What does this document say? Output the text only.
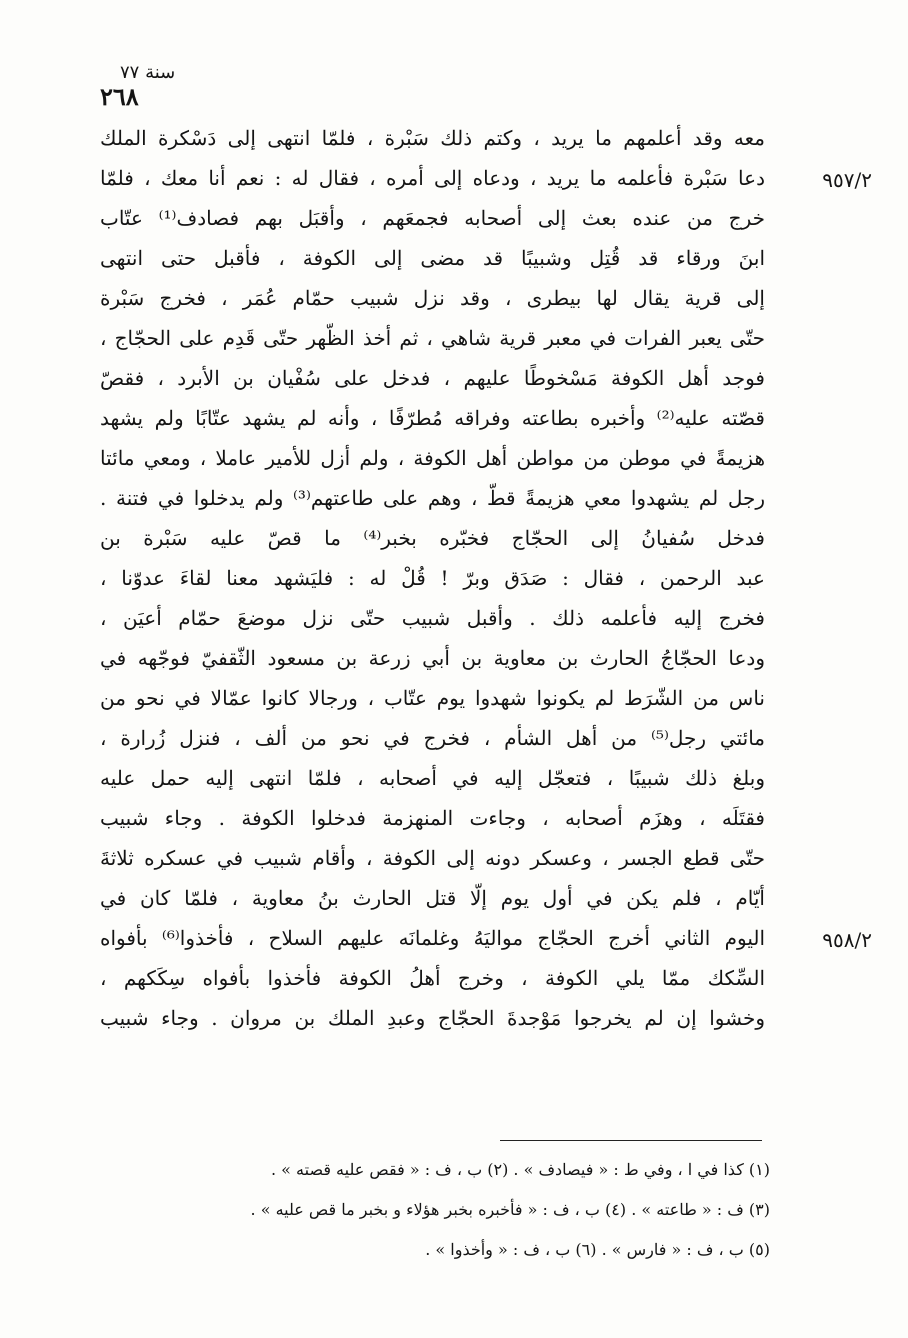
سنة ٧٧
٢٦٨
معه وقد أعلمهم ما يريد ، وكتم ذلك سَبْرة ، فلمّا انتهى إلى دَسْكرة الملك
دعا سَبْرة فأعلمه ما يريد ، ودعاه إلى أمره ، فقال له : نعم أنا معك ، فلمّا
خرج من عنده بعث إلى أصحابه فجمعَهم ، وأقبَل بهم فصادف⁽¹⁾ عتّاب
ابنَ ورقاء قد قُتِل وشبيبًا قد مضى إلى الكوفة ، فأقبل حتى انتهى
إلى قرية يقال لها بيطرى ، وقد نزل شبيب حمّام عُمَر ، فخرج سَبْرة
حتّى يعبر الفرات في معبر قرية شاهي ، ثم أخذ الظّهر حتّى قَدِم على الحجّاج ،
فوجد أهل الكوفة مَسْخوطًا عليهم ، فدخل على سُفْيان بن الأبرد ، فقصّ
قصّته عليه⁽²⁾ وأخبره بطاعته وفراقه مُطرّفًا ، وأنه لم يشهد عتّابًا ولم يشهد
هزيمةً في موطن من مواطن أهل الكوفة ، ولم أزل للأمير عاملا ، ومعي مائتا
رجل لم يشهدوا معي هزيمةً قطّ ، وهم على طاعتهم⁽³⁾ ولم يدخلوا في فتنة .
فدخل سُفيانُ إلى الحجّاج فخبّره بخبر⁽⁴⁾ ما قصّ عليه سَبْرة بن
عبد الرحمن ، فقال : صَدَق وبرّ ! قُلْ له : فليَشهد معنا لقاءَ عدوّنا ،
فخرج إليه فأعلمه ذلك . وأقبل شبيب حتّى نزل موضعَ حمّام أعيَن ،
ودعا الحجّاجُ الحارث بن معاوية بن أبي زرعة بن مسعود الثّقفيّ فوجّهه في
ناس من الشّرَط لم يكونوا شهدوا يوم عتّاب ، ورجالا كانوا عمّالا في نحو من
مائتي رجل⁽⁵⁾ من أهل الشأم ، فخرج في نحو من ألف ، فنزل زُرارة ،
وبلغ ذلك شبيبًا ، فتعجّل إليه في أصحابه ، فلمّا انتهى إليه حمل عليه
فقتَلَه ، وهزَم أصحابه ، وجاءت المنهزمة فدخلوا الكوفة . وجاء شبيب
حتّى قطع الجسر ، وعسكر دونه إلى الكوفة ، وأقام شبيب في عسكره ثلاثةَ
أيّام ، فلم يكن في أول يوم إلّا قتل الحارث بنُ معاوية ، فلمّا كان في
اليوم الثاني أخرج الحجّاج مواليَهُ وغلمانَه عليهم السلاح ، فأخذوا⁽⁶⁾ بأفواه
السِّكك ممّا يلي الكوفة ، وخرج أهلُ الكوفة فأخذوا بأفواه سِكَكهم ،
وخشوا إن لم يخرجوا مَوْجدةَ الحجّاج وعبدِ الملك بن مروان . وجاء شبيب
٩٥٧/٢
٩٥٨/٢
(١) كذا في ا ، وفي ط : « فيصادف » . (٢) ب ، ف : « فقص عليه قصته » .
(٣) ف : « طاعته » . (٤) ب ، ف : « فأخبره بخبر هؤلاء و بخبر ما قص عليه » .
(٥) ب ، ف : « فارس » . (٦) ب ، ف : « وأخذوا » .
